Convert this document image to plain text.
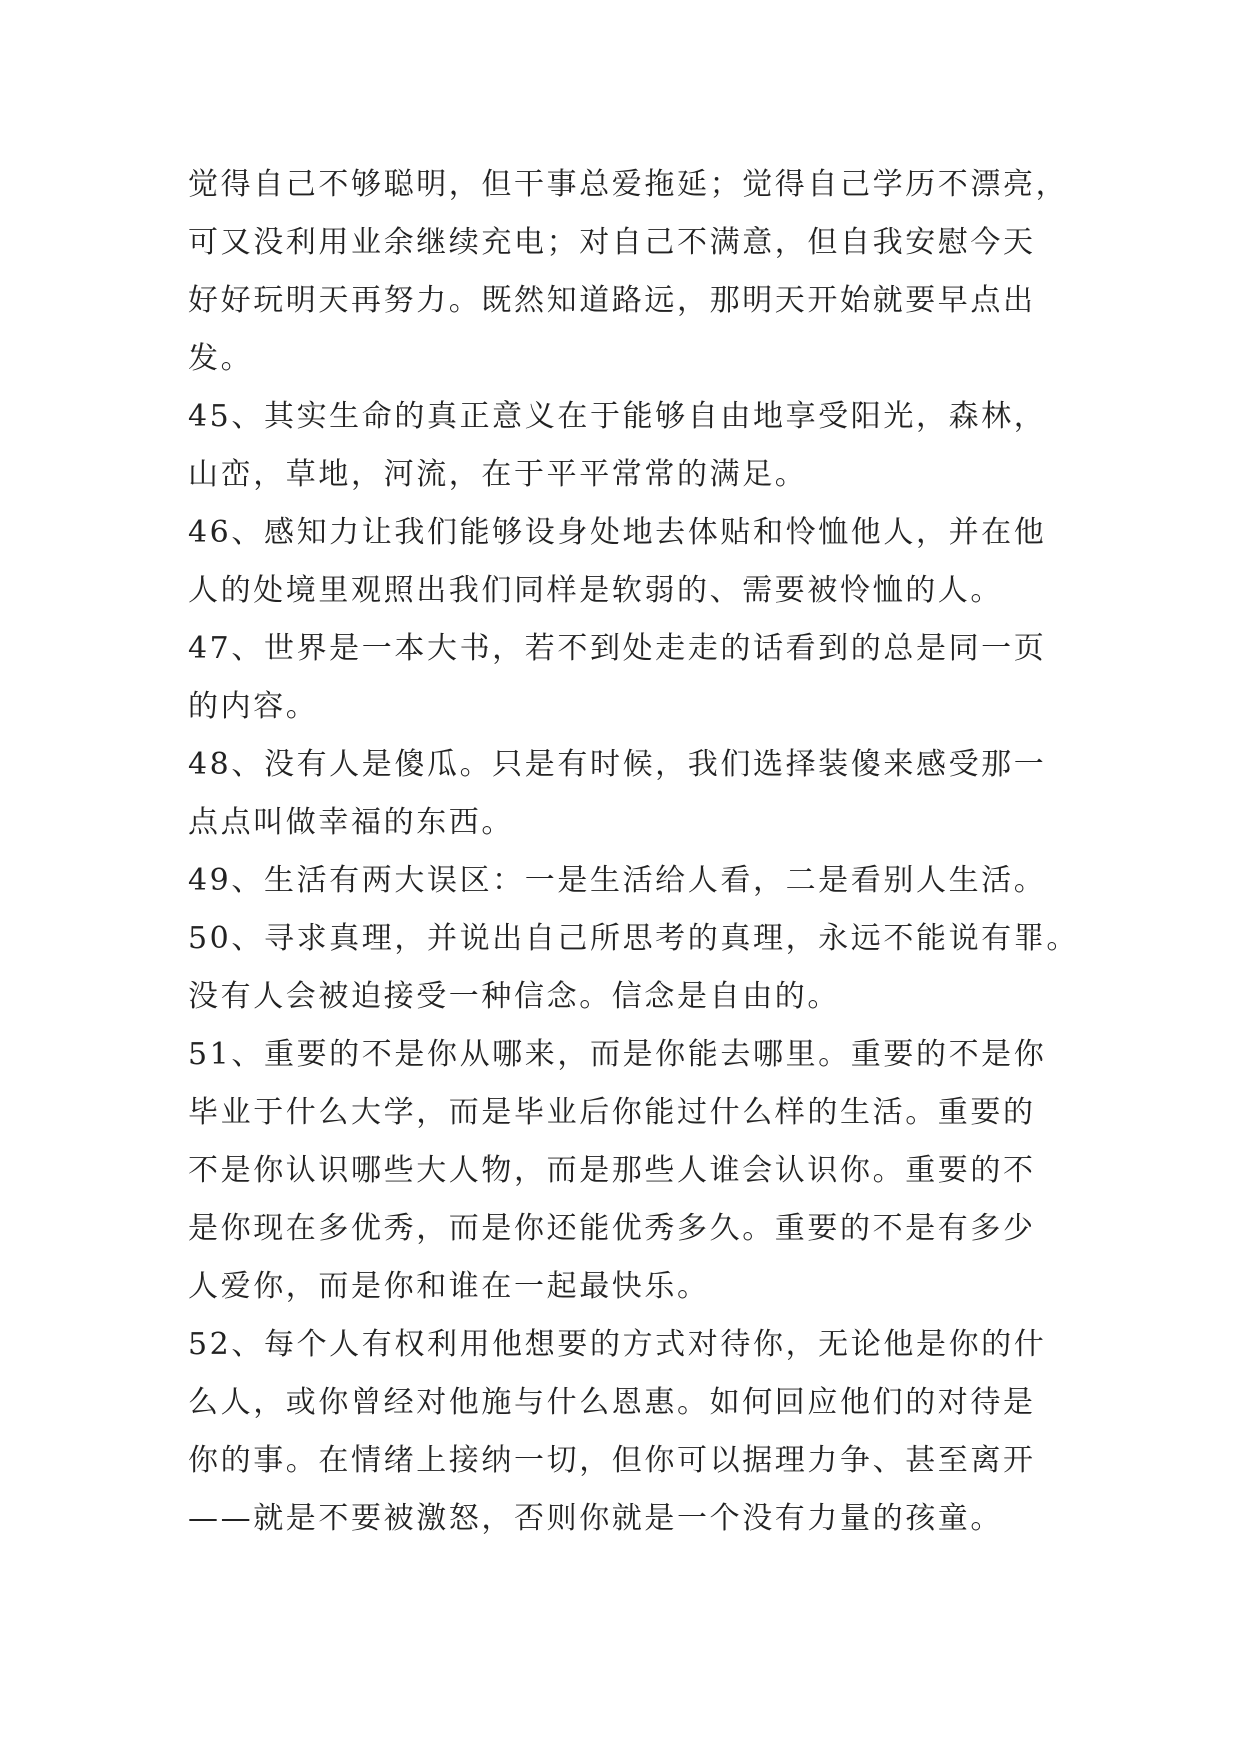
觉得自己不够聪明，但干事总爱拖延；觉得自己学历不漂亮，
可又没利用业余继续充电；对自己不满意，但自我安慰今天
好好玩明天再努力。既然知道路远，那明天开始就要早点出
发。
45、其实生命的真正意义在于能够自由地享受阳光，森林，
山峦，草地，河流，在于平平常常的满足。
46、感知力让我们能够设身处地去体贴和怜恤他人，并在他
人的处境里观照出我们同样是软弱的、需要被怜恤的人。
47、世界是一本大书，若不到处走走的话看到的总是同一页
的内容。
48、没有人是傻瓜。只是有时候，我们选择装傻来感受那一
点点叫做幸福的东西。
49、生活有两大误区：一是生活给人看，二是看别人生活。
50、寻求真理，并说出自己所思考的真理，永远不能说有罪。
没有人会被迫接受一种信念。信念是自由的。
51、重要的不是你从哪来，而是你能去哪里。重要的不是你
毕业于什么大学，而是毕业后你能过什么样的生活。重要的
不是你认识哪些大人物，而是那些人谁会认识你。重要的不
是你现在多优秀，而是你还能优秀多久。重要的不是有多少
人爱你，而是你和谁在一起最快乐。
52、每个人有权利用他想要的方式对待你，无论他是你的什
么人，或你曾经对他施与什么恩惠。如何回应他们的对待是
你的事。在情绪上接纳一切，但你可以据理力争、甚至离开
——就是不要被激怒，否则你就是一个没有力量的孩童。
